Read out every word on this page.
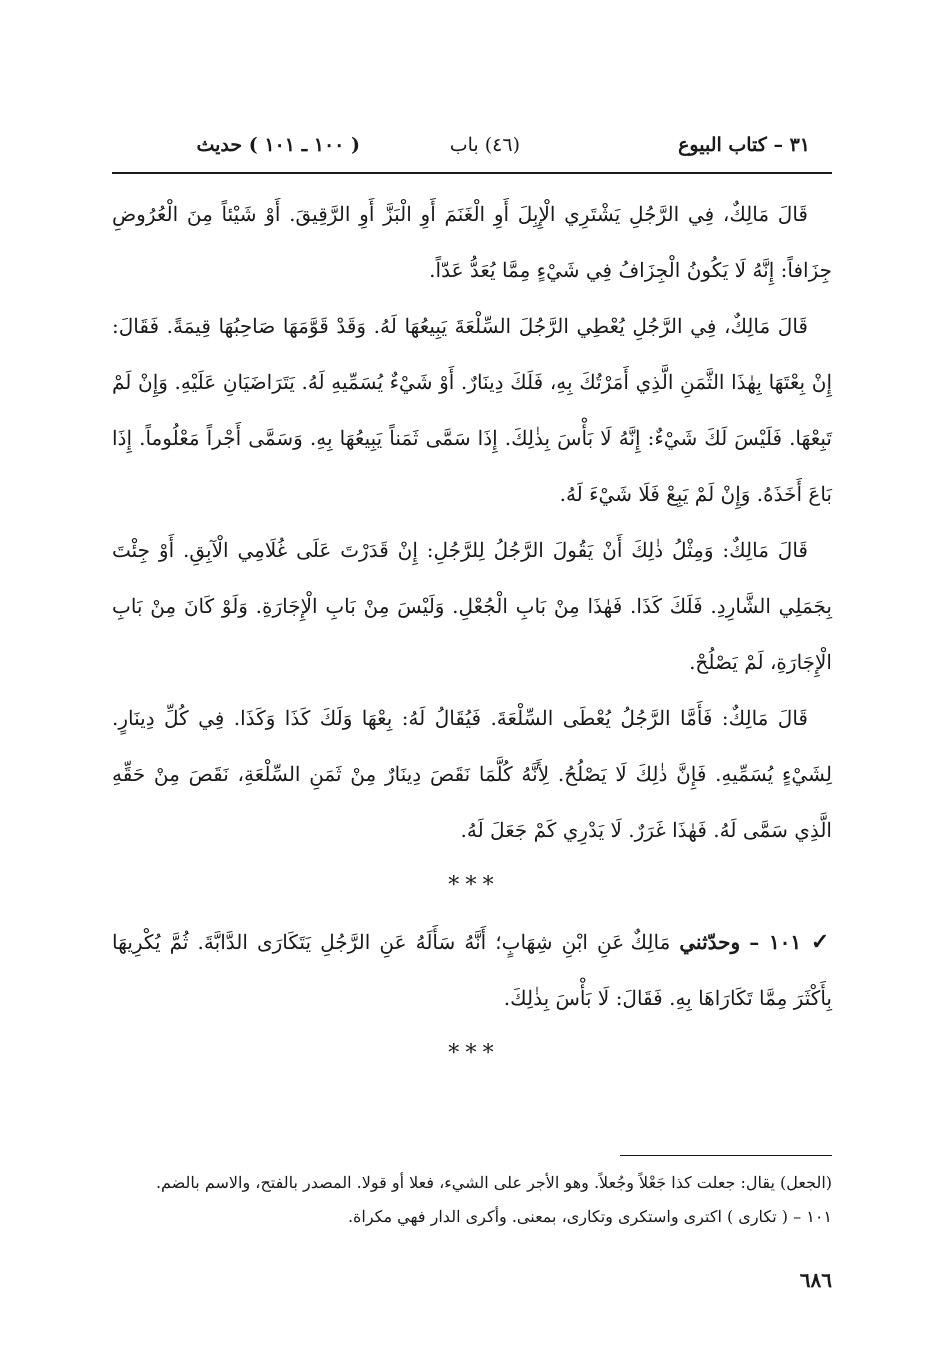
٣١ – كتاب البيوع
(٤٦) باب
( ١٠٠ ـ ١٠١ ) حديث

قَالَ مَالِكٌ، فِي الرَّجُلِ يَشْتَرِي الْإِبِلَ أَوِ الْغَنَمَ أَوِ الْبَزَّ أَوِ الرَّقِيقَ. أَوْ شَيْئاً مِنَ الْعُرُوضِ جِزَافاً: إِنَّهُ لَا يَكُونُ الْجِزَافُ فِي شَيْءٍ مِمَّا يُعَدُّ عَدّاً.

قَالَ مَالِكٌ، فِي الرَّجُلِ يُعْطِي الرَّجُلَ السِّلْعَةَ يَبِيعُهَا لَهُ. وَقَدْ قَوَّمَهَا صَاحِبُهَا قِيمَةً. فَقَالَ: إِنْ بِعْتَهَا بِهٰذَا الثَّمَنِ الَّذِي أَمَرْتُكَ بِهِ، فَلَكَ دِينَارٌ. أَوْ شَيْءٌ يُسَمِّيهِ لَهُ. يَتَرَاضَيَانِ عَلَيْهِ. وَإِنْ لَمْ تَبِعْهَا. فَلَيْسَ لَكَ شَيْءٌ: إِنَّهُ لَا بَأْسَ بِذٰلِكَ. إِذَا سَمَّى ثَمَناً يَبِيعُهَا بِهِ. وَسَمَّى أَجْراً مَعْلُوماً. إِذَا بَاعَ أَخَذَهُ. وَإِنْ لَمْ يَبِعْ فَلَا شَيْءَ لَهُ.

قَالَ مَالِكٌ: وَمِثْلُ ذٰلِكَ أَنْ يَقُولَ الرَّجُلُ لِلرَّجُلِ: إِنْ قَدَرْتَ عَلَى غُلَامِي الْآبِقِ. أَوْ جِئْتَ بِجَمَلِي الشَّارِدِ. فَلَكَ كَذَا. فَهٰذَا مِنْ بَابِ الْجُعْلِ. وَلَيْسَ مِنْ بَابِ الْإِجَارَةِ. وَلَوْ كَانَ مِنْ بَابِ الْإِجَارَةِ، لَمْ يَصْلُحْ.

قَالَ مَالِكٌ: فَأَمَّا الرَّجُلُ يُعْطَى السِّلْعَةَ. فَيُقَالُ لَهُ: بِعْهَا وَلَكَ كَذَا وَكَذَا. فِي كُلِّ دِينَارٍ. لِشَيْءٍ يُسَمِّيهِ. فَإِنَّ ذٰلِكَ لَا يَصْلُحُ. لِأَنَّهُ كُلَّمَا نَقَصَ دِينَارٌ مِنْ ثَمَنِ السِّلْعَةِ، نَقَصَ مِنْ حَقِّهِ الَّذِي سَمَّى لَهُ. فَهٰذَا غَرَرٌ. لَا يَدْرِي كَمْ جَعَلَ لَهُ.

* * *

✓ ١٠١ – وحدّثني مَالِكٌ عَنِ ابْنِ شِهَابٍ؛ أَنَّهُ سَأَلَهُ عَنِ الرَّجُلِ يَتَكَارَى الدَّابَّةَ. ثُمَّ يُكْرِيهَا بِأَكْثَرَ مِمَّا تَكَارَاهَا بِهِ. فَقَالَ: لَا بَأْسَ بِذٰلِكَ.

* * *

(الجعل) يقال: جعلت كذا جَعْلاً وجُعلاً. وهو الأجر على الشيء، فعلا أو قولا. المصدر بالفتح، والاسم بالضم.

١٠١ – ( تكارى ) اكترى واستكرى وتكارى، بمعنى. وأكرى الدار فهي مكراة.

٦٨٦
